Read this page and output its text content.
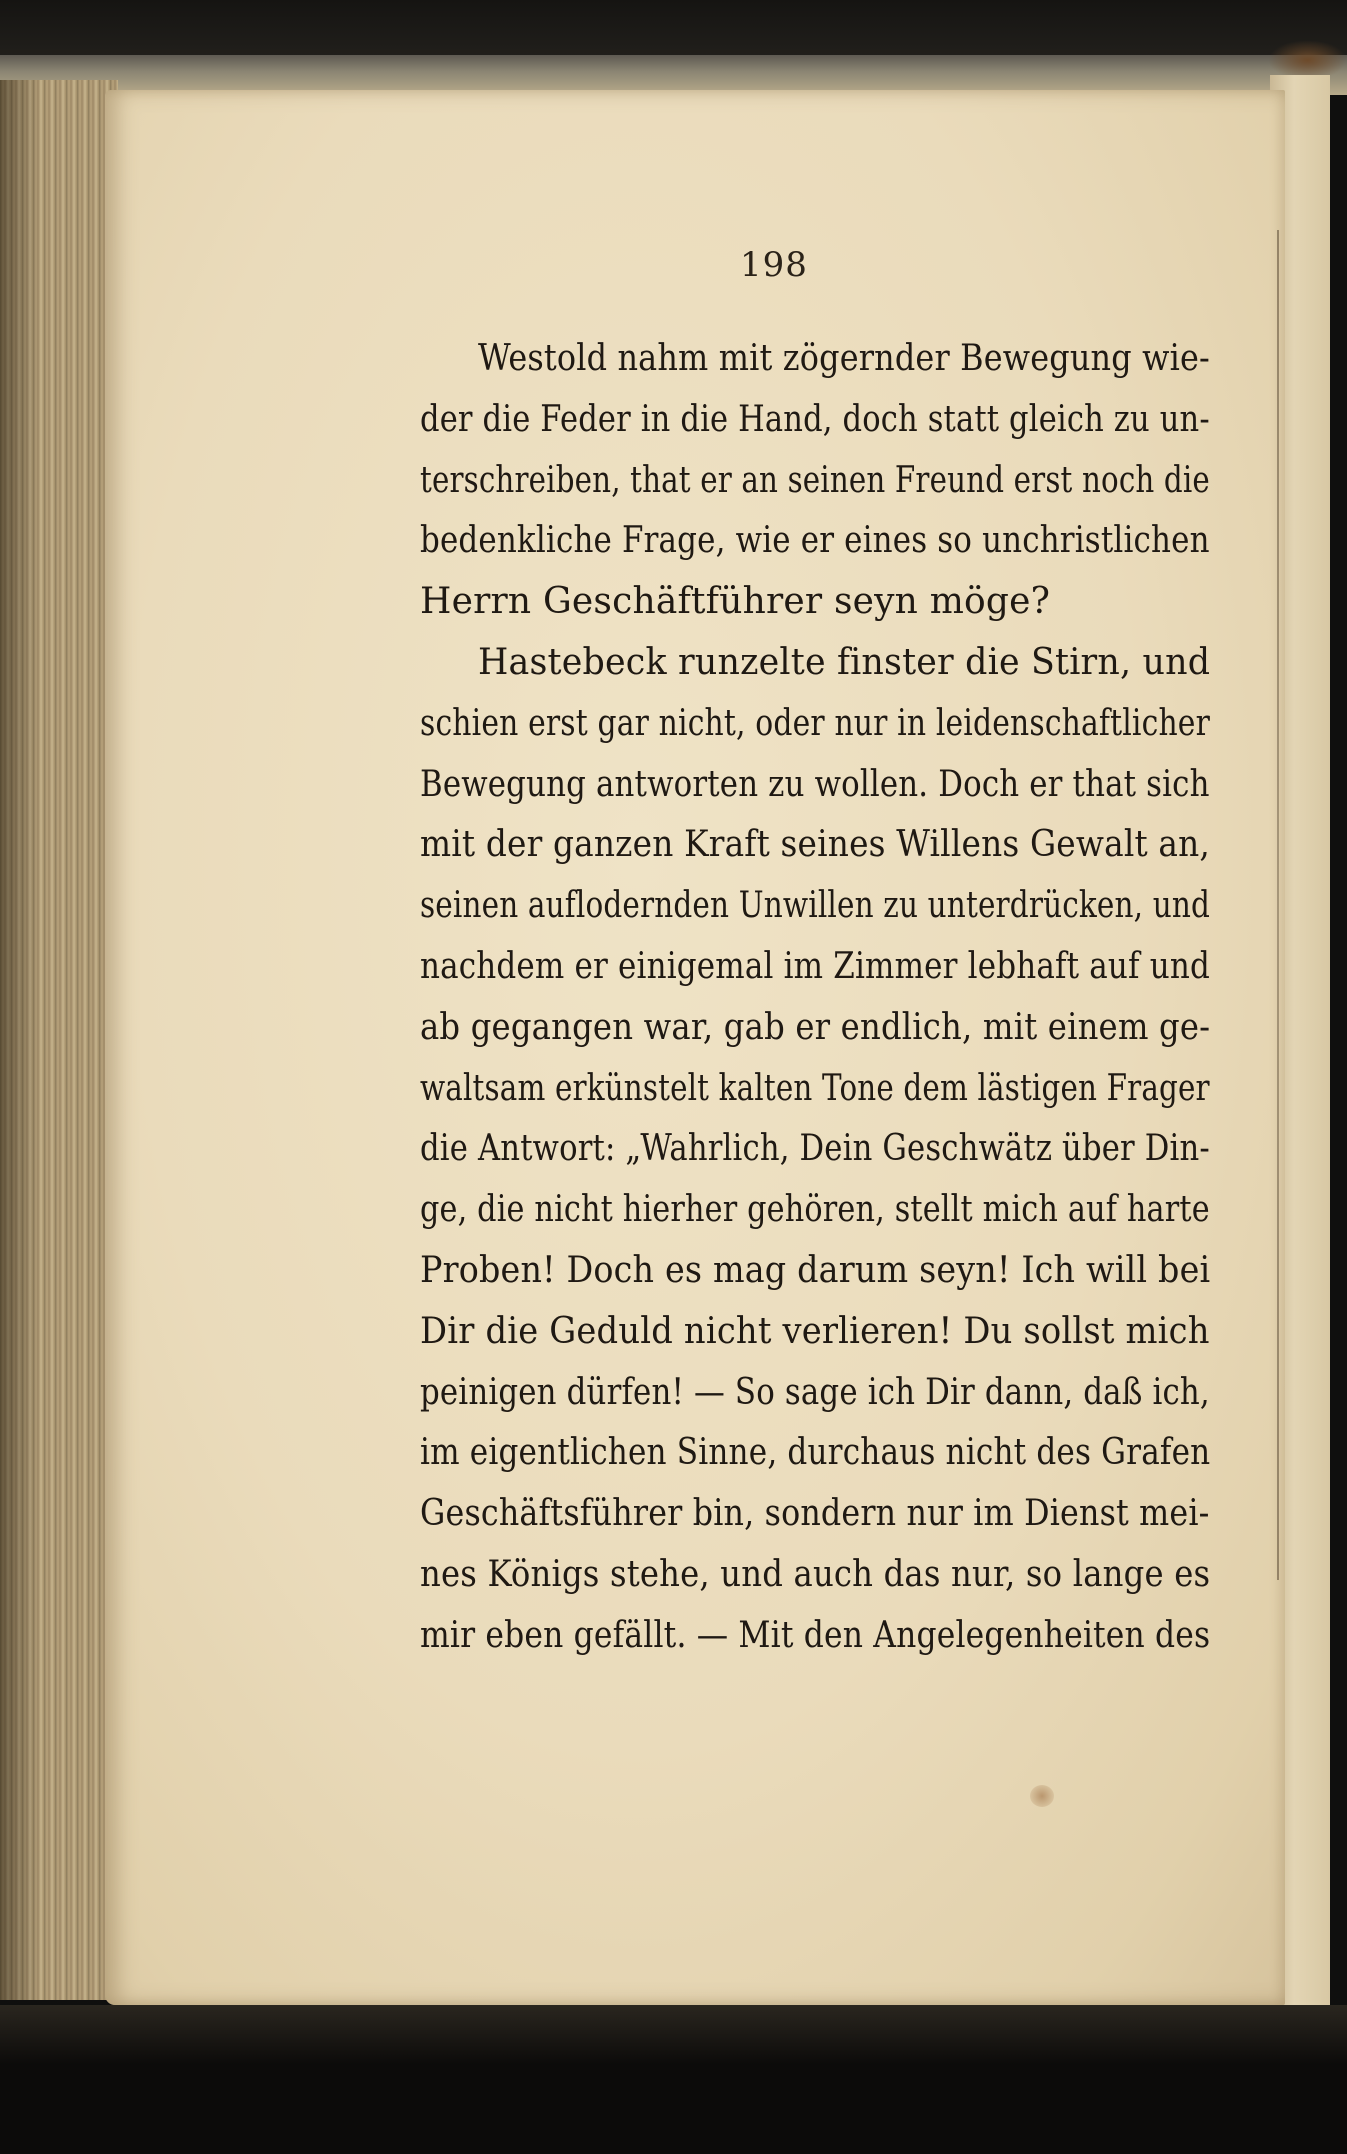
198
Westold nahm mit zögernder Bewegung wie-
der die Feder in die Hand, doch statt gleich zu un-
terschreiben, that er an seinen Freund erst noch die
bedenkliche Frage, wie er eines so unchristlichen
Herrn Geschäftführer seyn möge?
Hastebeck runzelte finster die Stirn, und
schien erst gar nicht, oder nur in leidenschaftlicher
Bewegung antworten zu wollen. Doch er that sich
mit der ganzen Kraft seines Willens Gewalt an,
seinen auflodernden Unwillen zu unterdrücken, und
nachdem er einigemal im Zimmer lebhaft auf und
ab gegangen war, gab er endlich, mit einem ge-
waltsam erkünstelt kalten Tone dem lästigen Frager
die Antwort: „Wahrlich, Dein Geschwätz über Din-
ge, die nicht hierher gehören, stellt mich auf harte
Proben! Doch es mag darum seyn! Ich will bei
Dir die Geduld nicht verlieren! Du sollst mich
peinigen dürfen! — So sage ich Dir dann, daß ich,
im eigentlichen Sinne, durchaus nicht des Grafen
Geschäftsführer bin, sondern nur im Dienst mei-
nes Königs stehe, und auch das nur, so lange es
mir eben gefällt. — Mit den Angelegenheiten des
